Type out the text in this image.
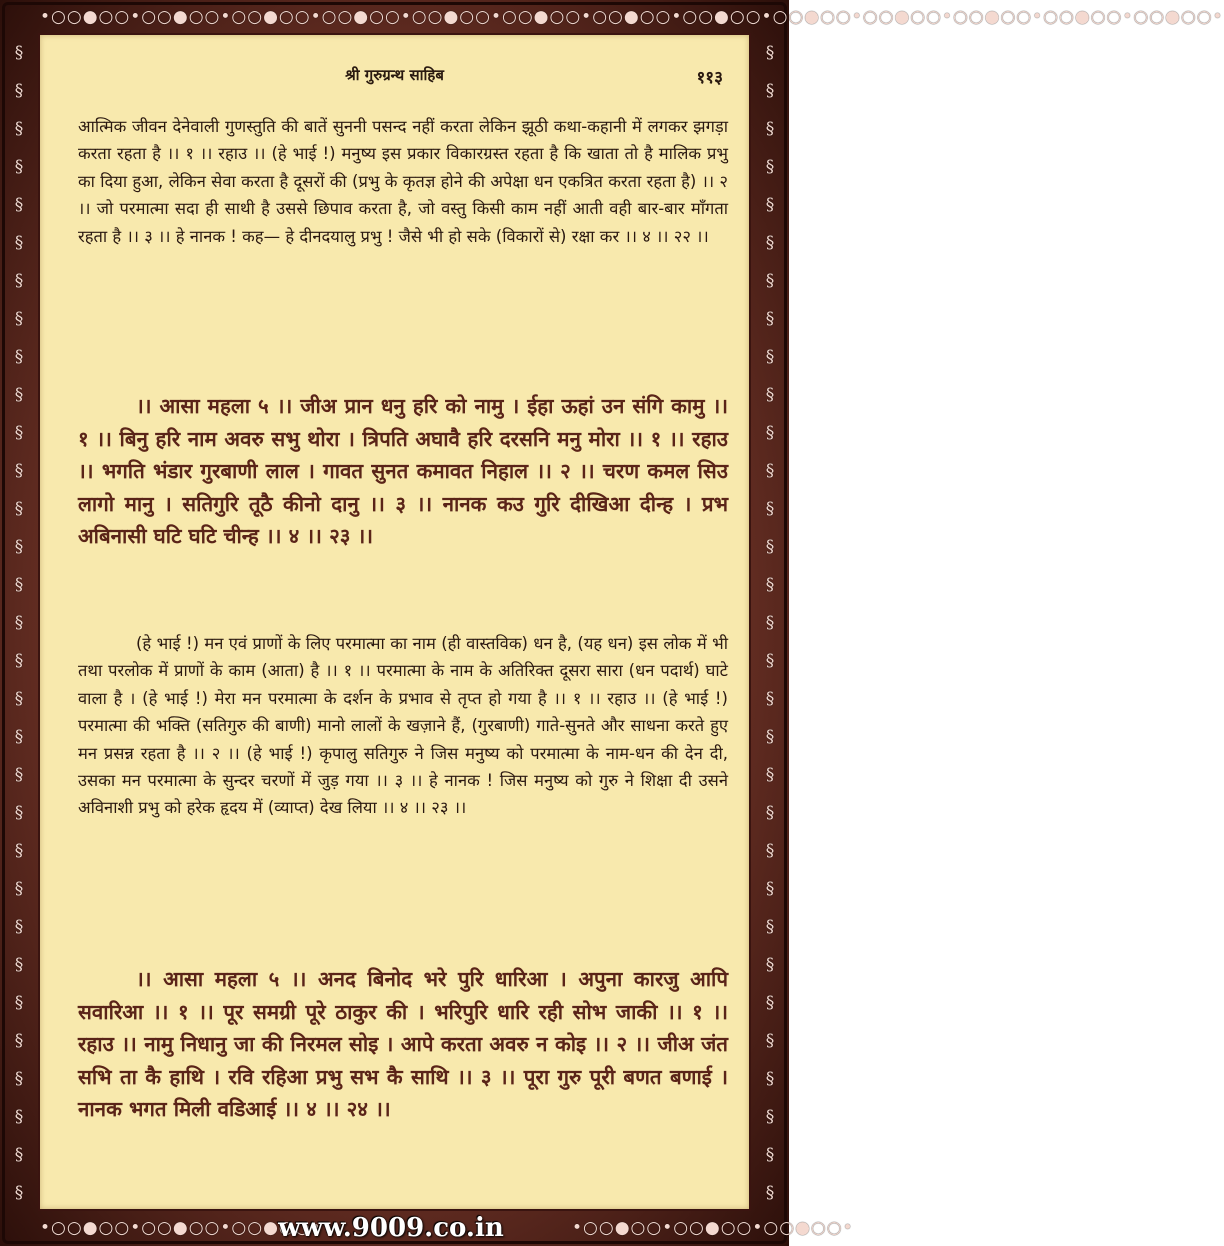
•○○●○○•○○●○○•○○●○○•○○●○○•○○●○○•○○●○○•○○●○○•○○●○○•○○●○○•○○●○○•○○●○○•○○●○○•○○●○○•
§
§
§
§
§
§
§
§
§
§
§
§
§
§
§
§
§
§
§
§
§
§
§
§
§
§
§
§
§
§
§
§
§
§
§
§
§
§
§
§
§
§
§
§
§
§
§
§
§
§
§
§
§
§
§
§
§
§
§
§
§
§
•○○●○○•○○●○○•○○●○○•	•○○●○○•○○●○○•○○●○○•
श्री गुरुग्रन्थ साहिब	११३

आत्मिक जीवन देनेवाली गुणस्तुति की बातें सुननी पसन्द नहीं करता लेकिन झूठी कथा-कहानी में लगकर झगड़ा करता रहता है ।। १ ।। रहाउ ।। (हे भाई !) मनुष्य इस प्रकार विकारग्रस्त रहता है कि खाता तो है मालिक प्रभु का दिया हुआ, लेकिन सेवा करता है दूसरों की (प्रभु के कृतज्ञ होने की अपेक्षा धन एकत्रित करता रहता है) ।। २ ।। जो परमात्मा सदा ही साथी है उससे छिपाव करता है, जो वस्तु किसी काम नहीं आती वही बार-बार माँगता रहता है ।। ३ ।। हे नानक ! कह— हे दीनदयालु प्रभु ! जैसे भी हो सके (विकारों से) रक्षा कर ।। ४ ।। २२ ।।

।। आसा महला ५ ।। जीअ प्रान धनु हरि को नामु । ईहा ऊहां उन संगि कामु ।। १ ।। बिनु हरि नाम अवरु सभु थोरा । त्रिपति अघावै हरि दरसनि मनु मोरा ।। १ ।। रहाउ ।। भगति भंडार गुरबाणी लाल । गावत सुनत कमावत निहाल ।। २ ।। चरण कमल सिउ लागो मानु । सतिगुरि तूठै कीनो दानु ।। ३ ।। नानक कउ गुरि दीखिआ दीन्ह । प्रभ अबिनासी घटि घटि चीन्ह ।। ४ ।। २३ ।।

(हे भाई !) मन एवं प्राणों के लिए परमात्मा का नाम (ही वास्तविक) धन है, (यह धन) इस लोक में भी तथा परलोक में प्राणों के काम (आता) है ।। १ ।। परमात्मा के नाम के अतिरिक्त दूसरा सारा (धन पदार्थ) घाटे वाला है । (हे भाई !) मेरा मन परमात्मा के दर्शन के प्रभाव से तृप्त हो गया है ।। १ ।। रहाउ ।। (हे भाई !) परमात्मा की भक्ति (सतिगुरु की बाणी) मानो लालों के खज़ाने हैं, (गुरबाणी) गाते-सुनते और साधना करते हुए मन प्रसन्न रहता है ।। २ ।। (हे भाई !) कृपालु सतिगुरु ने जिस मनुष्य को परमात्मा के नाम-धन की देन दी, उसका मन परमात्मा के सुन्दर चरणों में जुड़ गया ।। ३ ।। हे नानक ! जिस मनुष्य को गुरु ने शिक्षा दी उसने अविनाशी प्रभु को हरेक हृदय में (व्याप्त) देख लिया ।। ४ ।। २३ ।।

।। आसा महला ५ ।। अनद बिनोद भरे पुरि धारिआ । अपुना कारजु आपि सवारिआ ।। १ ।। पूर समग्री पूरे ठाकुर की । भरिपुरि धारि रही सोभ जाकी ।। १ ।। रहाउ ।। नामु निधानु जा की निरमल सोइ । आपे करता अवरु न कोइ ।। २ ।। जीअ जंत सभि ता कै हाथि । रवि रहिआ प्रभु सभ कै साथि ।। ३ ।। पूरा गुरु पूरी बणत बणाई । नानक भगत मिली वडिआई ।। ४ ।। २४ ।।

www.9009.co.in
